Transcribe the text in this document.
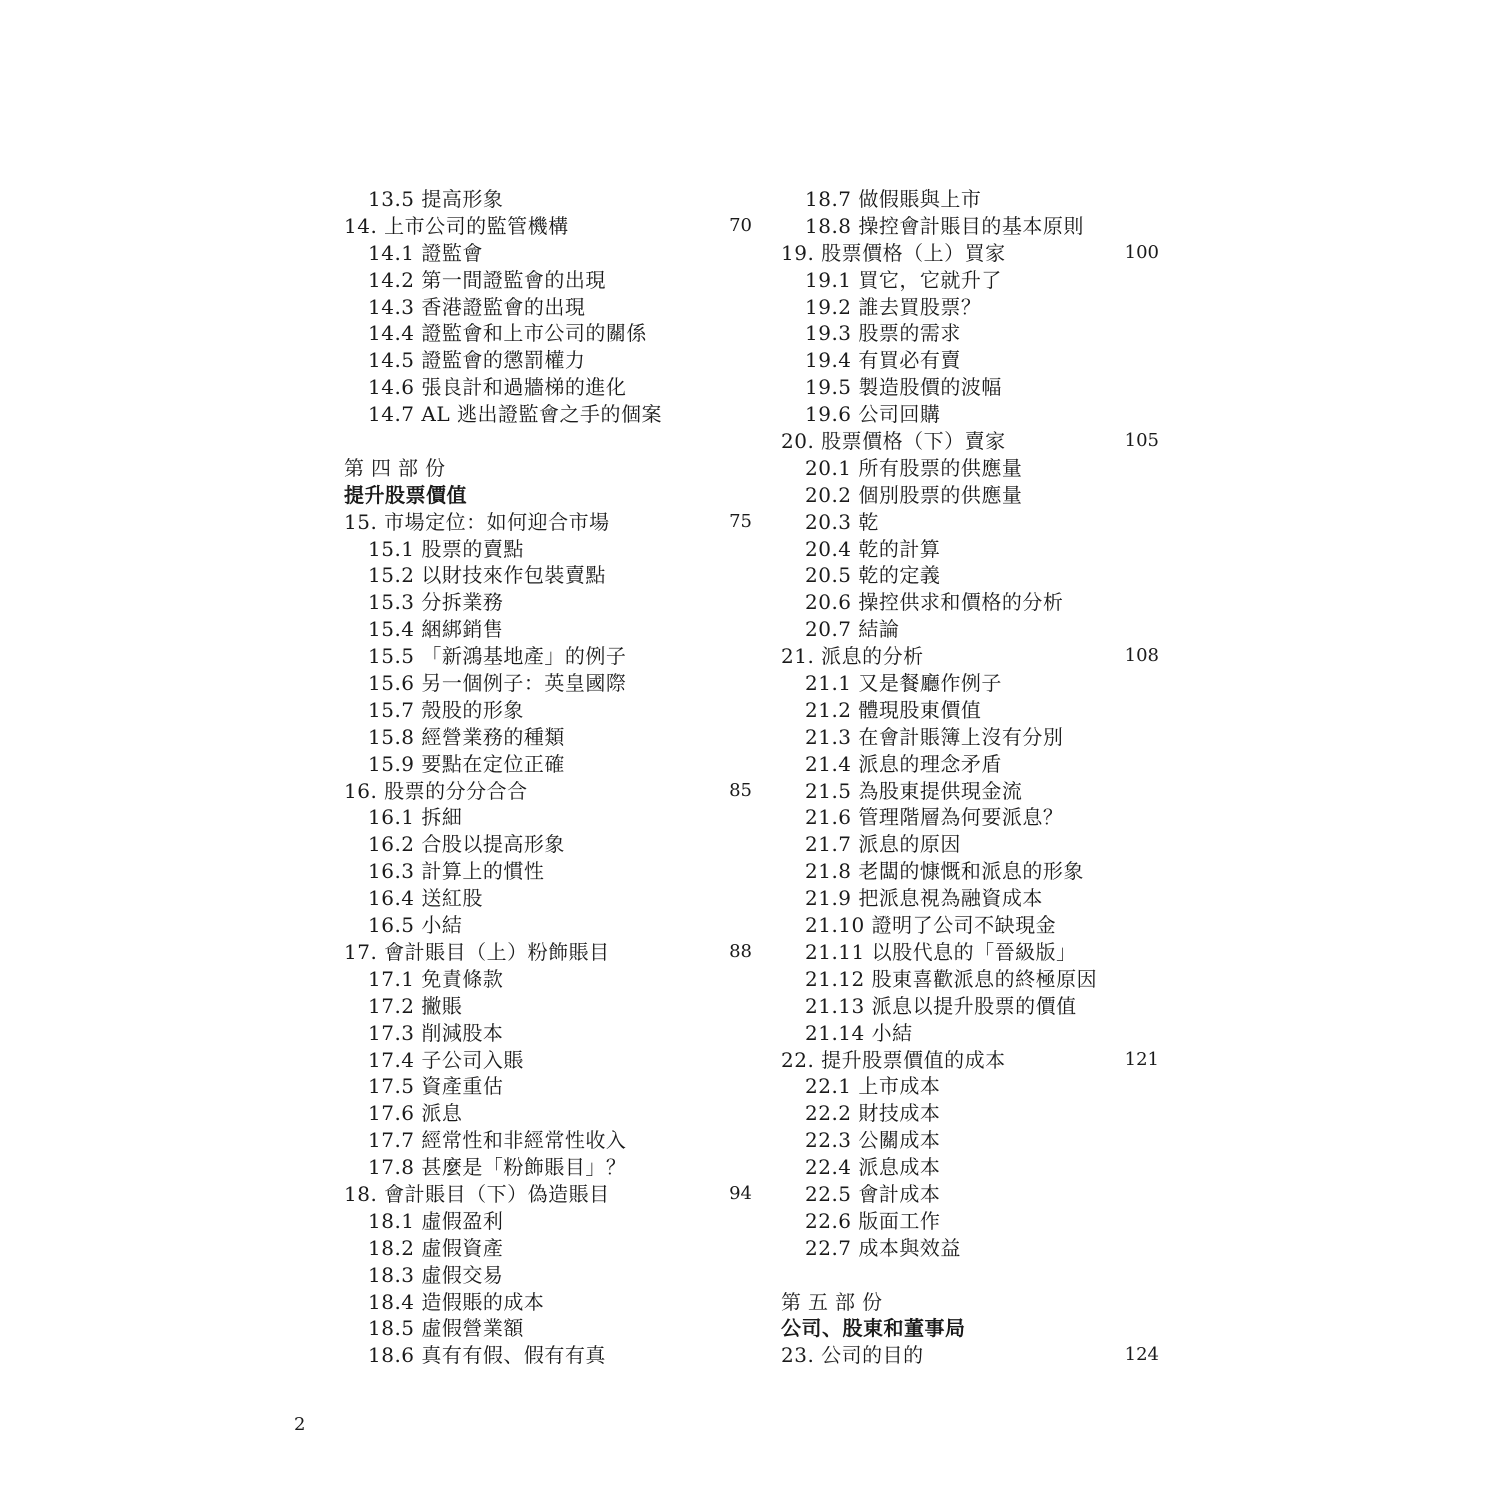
13.5 提高形象
14. 上市公司的監管機構	70
14.1 證監會
14.2 第一間證監會的出現
14.3 香港證監會的出現
14.4 證監會和上市公司的關係
14.5 證監會的懲罰權力
14.6 張良計和過牆梯的進化
14.7 AL 逃出證監會之手的個案
第四部份
提升股票價值
15. 市場定位：如何迎合市場	75
15.1 股票的賣點
15.2 以財技來作包裝賣點
15.3 分拆業務
15.4 綑綁銷售
15.5 「新鴻基地產」的例子
15.6 另一個例子：英皇國際
15.7 殼股的形象
15.8 經營業務的種類
15.9 要點在定位正確
16. 股票的分分合合	85
16.1 拆細
16.2 合股以提高形象
16.3 計算上的慣性
16.4 送紅股
16.5 小結
17. 會計賬目（上）粉飾賬目	88
17.1 免責條款
17.2 撇賬
17.3 削減股本
17.4 子公司入賬
17.5 資產重估
17.6 派息
17.7 經常性和非經常性收入
17.8 甚麼是「粉飾賬目」？
18. 會計賬目（下）偽造賬目	94
18.1 虛假盈利
18.2 虛假資產
18.3 虛假交易
18.4 造假賬的成本
18.5 虛假營業額
18.6 真有有假、假有有真
18.7 做假賬與上市
18.8 操控會計賬目的基本原則
19. 股票價格（上）買家	100
19.1 買它，它就升了
19.2 誰去買股票？
19.3 股票的需求
19.4 有買必有賣
19.5 製造股價的波幅
19.6 公司回購
20. 股票價格（下）賣家	105
20.1 所有股票的供應量
20.2 個別股票的供應量
20.3 乾
20.4 乾的計算
20.5 乾的定義
20.6 操控供求和價格的分析
20.7 結論
21. 派息的分析	108
21.1 又是餐廳作例子
21.2 體現股東價值
21.3 在會計賬簿上沒有分別
21.4 派息的理念矛盾
21.5 為股東提供現金流
21.6 管理階層為何要派息？
21.7 派息的原因
21.8 老闆的慷慨和派息的形象
21.9 把派息視為融資成本
21.10 證明了公司不缺現金
21.11 以股代息的「晉級版」
21.12 股東喜歡派息的終極原因
21.13 派息以提升股票的價值
21.14 小結
22. 提升股票價值的成本	121
22.1 上市成本
22.2 財技成本
22.3 公關成本
22.4 派息成本
22.5 會計成本
22.6 版面工作
22.7 成本與效益
第五部份
公司、股東和董事局
23. 公司的目的	124
2
